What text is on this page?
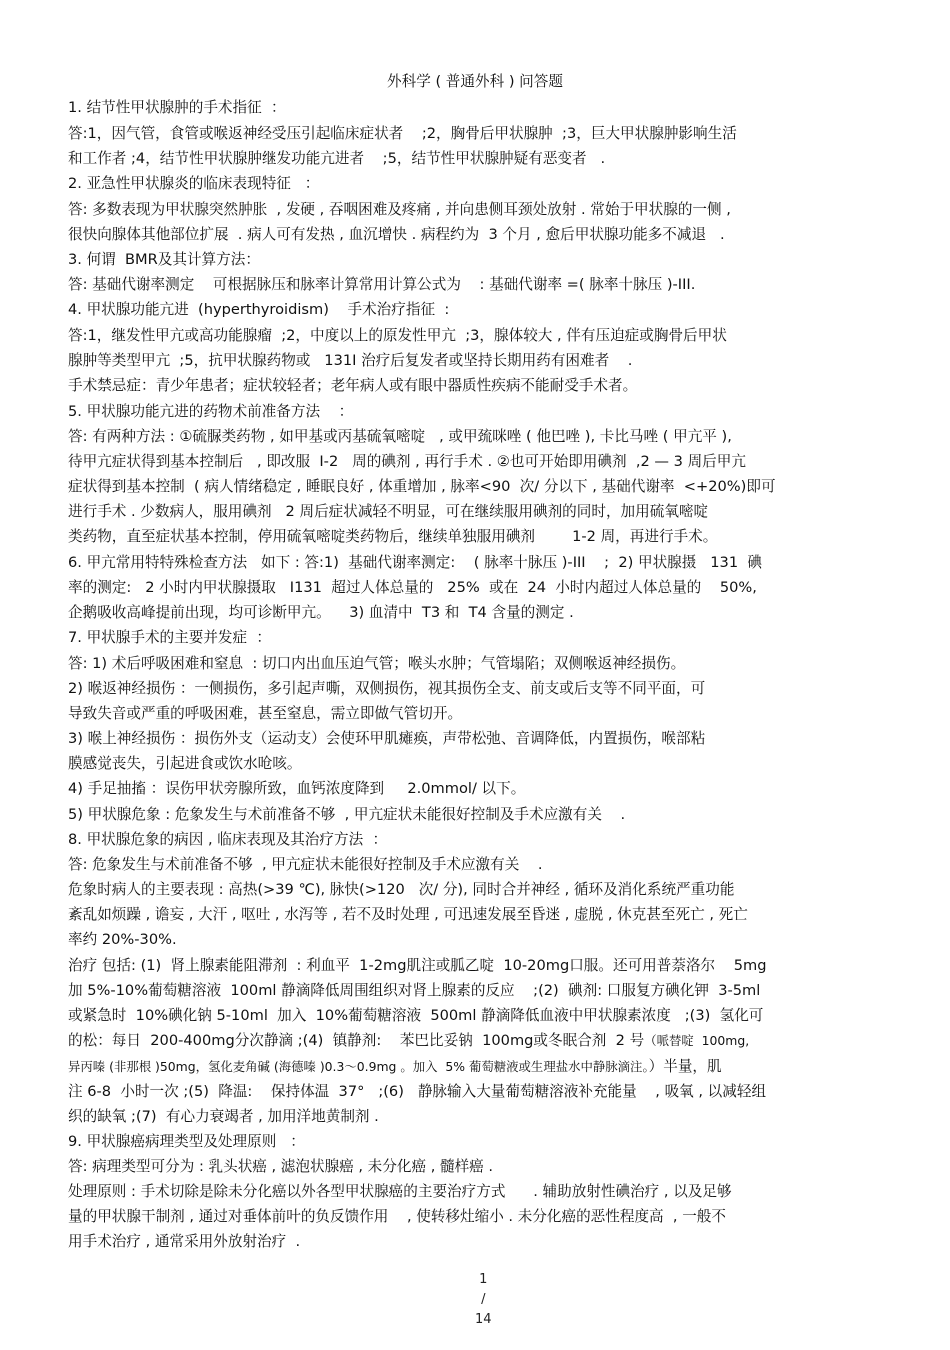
外科学 ( 普通外科 ) 问答题
1. 结节性甲状腺肿的手术指征  ：
答:1，因气管，食管或喉返神经受压引起临床症状者    ;2，胸骨后甲状腺肿  ;3，巨大甲状腺肿影响生活
和工作者 ;4，结节性甲状腺肿继发功能亢进者    ;5，结节性甲状腺肿疑有恶变者   .
2. 亚急性甲状腺炎的临床表现特征   ：
答: 多数表现为甲状腺突然肿胀  , 发硬 , 吞咽困难及疼痛 , 并向患侧耳颈处放射 . 常始于甲状腺的一侧 ,
很快向腺体其他部位扩展  . 病人可有发热 , 血沉增快 . 病程约为  3 个月 , 愈后甲状腺功能多不减退   .
3. 何谓  BMR及其计算方法：
答: 基础代谢率测定    可根据脉压和脉率计算常用计算公式为    : 基础代谢率 =( 脉率十脉压 )-III.
4. 甲状腺功能亢进  (hyperthyroidism)    手术治疗指征  :
答:1，继发性甲亢或高功能腺瘤  ;2，中度以上的原发性甲亢  ;3，腺体较大 , 伴有压迫症或胸骨后甲状
腺肿等类型甲亢  ;5，抗甲状腺药物或   131I 治疗后复发者或坚持长期用药有困难者    .
手术禁忌症：青少年患者；症状较轻者；老年病人或有眼中器质性疾病不能耐受手术者。
5. 甲状腺功能亢进的药物术前准备方法    ：
答: 有两种方法 : ①硫脲类药物 , 如甲基或丙基硫氧嘧啶   , 或甲巯咪唑 ( 他巴唑 ), 卡比马唑 ( 甲亢平 ),
待甲亢症状得到基本控制后   , 即改服  I-2   周的碘剂 , 再行手术 . ②也可开始即用碘剂  ,2 — 3 周后甲亢
症状得到基本控制  ( 病人情绪稳定 , 睡眠良好 , 体重增加 , 脉率<90  次/ 分以下 , 基础代谢率  <+20%)即可
进行手术 . 少数病人，服用碘剂   2 周后症状减轻不明显，可在继续服用碘剂的同时，加用硫氧嘧啶
类药物，直至症状基本控制，停用硫氧嘧啶类药物后，继续单独服用碘剂        1-2 周，再进行手术。
6. 甲亢常用特特殊检查方法   如下 : 答:1)  基础代谢率测定:    ( 脉率十脉压 )-III    ;  2) 甲状腺摄   131  碘
率的测定:   2 小时内甲状腺摄取   I131  超过人体总量的   25%  或在  24  小时内超过人体总量的    50%,
企鹅吸收高峰提前出现，均可诊断甲亢。    3) 血清中  T3 和  T4 含量的测定 .
7. 甲状腺手术的主要并发症  ：
答: 1) 术后呼吸困难和窒息  : 切口内出血压迫气管；喉头水肿；气管塌陷；双侧喉返神经损伤。
2) 喉返神经损伤 ：一侧损伤，多引起声嘶，双侧损伤，视其损伤全支、前支或后支等不同平面，可
导致失音或严重的呼吸困难，甚至窒息，需立即做气管切开。
3) 喉上神经损伤 ：损伤外支（运动支）会使环甲肌瘫痪，声带松弛、音调降低，内置损伤，喉部粘
膜感觉丧失，引起进食或饮水呛咳。
4) 手足抽搐 ：误伤甲状旁腺所致，血钙浓度降到     2.0mmol/ 以下。
5) 甲状腺危象 : 危象发生与术前准备不够  , 甲亢症状未能很好控制及手术应激有关    .
8. 甲状腺危象的病因 , 临床表现及其治疗方法  ：
答: 危象发生与术前准备不够  , 甲亢症状未能很好控制及手术应激有关    .
危象时病人的主要表现 : 高热(>39 ℃), 脉快(>120   次/ 分), 同时合并神经 , 循环及消化系统严重功能
紊乱如烦躁 , 谵妄 , 大汗 , 呕吐 , 水泻等 , 若不及时处理 , 可迅速发展至昏迷 , 虚脱 , 休克甚至死亡 , 死亡
率约 20%-30%.
治疗 包括: (1)  肾上腺素能阻滞剂  : 利血平  1-2mg肌注或胍乙啶  10-20mg口服。还可用普萘洛尔    5mg
加 5%-10%葡萄糖溶液  100ml 静滴降低周围组织对肾上腺素的反应    ;(2)  碘剂: 口服复方碘化钾  3-5ml
或紧急时  10%碘化钠 5-10ml  加入  10%葡萄糖溶液  500ml 静滴降低血液中甲状腺素浓度   ;(3)  氢化可
的松：每日  200-400mg分次静滴 ;(4)  镇静剂:    苯巴比妥钠  100mg或冬眠合剂  2 号（哌替啶  100mg,
异丙嗪 (非那根 )50mg，氢化麦角碱 (海德嗪 )0.3～0.9mg 。加入  5% 葡萄糖液或生理盐水中静脉滴注。）半量，肌
注 6-8  小时一次 ;(5)  降温:    保持体温  37°   ;(6)   静脉输入大量葡萄糖溶液补充能量    , 吸氧 , 以减轻组
织的缺氧 ;(7)  有心力衰竭者 , 加用洋地黄制剂 .
9. 甲状腺癌病理类型及处理原则   ：
答: 病理类型可分为 : 乳头状癌 , 滤泡状腺癌 , 未分化癌 , 髓样癌 .
处理原则 : 手术切除是除未分化癌以外各型甲状腺癌的主要治疗方式      . 辅助放射性碘治疗 , 以及足够
量的甲状腺干制剂 , 通过对垂体前叶的负反馈作用    , 使转移灶缩小 . 未分化癌的恶性程度高  , 一般不
用手术治疗 , 通常采用外放射治疗  .

1
/
14
